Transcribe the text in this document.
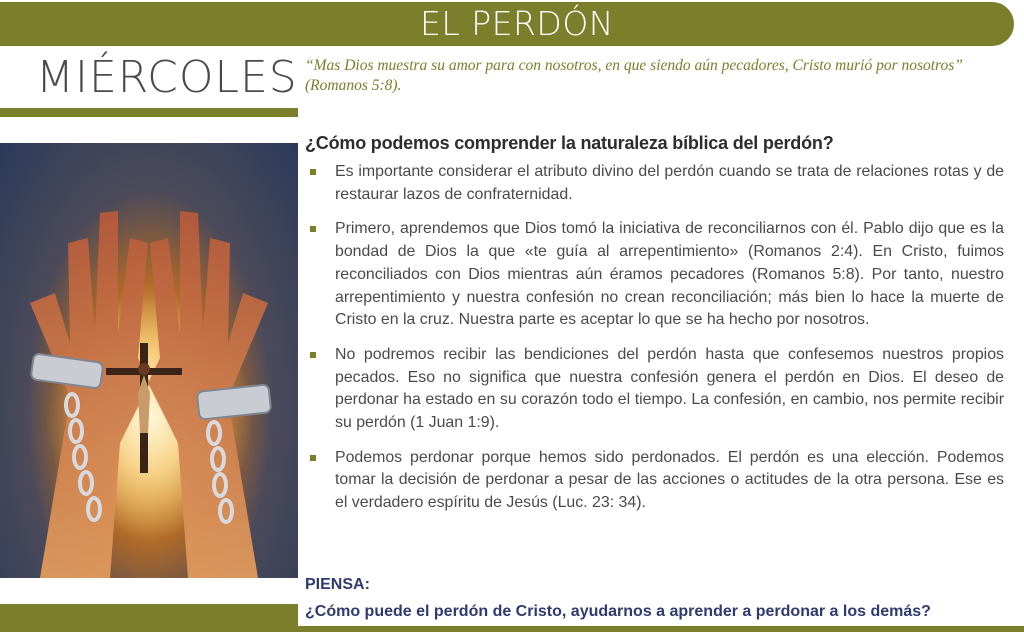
EL PERDÓN
MIÉRCOLES “Mas Dios muestra su amor para con nosotros, en que siendo aún pecadores, Cristo murió por nosotros” (Romanos 5:8).
¿Cómo podemos comprender la naturaleza bíblica del perdón?
Es importante considerar el atributo divino del perdón cuando se trata de relaciones rotas y de restaurar lazos de confraternidad.
Primero, aprendemos que Dios tomó la iniciativa de reconciliarnos con él. Pablo dijo que es la bondad de Dios la que «te guía al arrepentimiento» (Romanos 2:4). En Cristo, fuimos reconciliados con Dios mientras aún éramos pecadores (Romanos 5:8). Por tanto, nuestro arrepentimiento y nuestra confesión no crean reconciliación; más bien lo hace la muerte de Cristo en la cruz. Nuestra parte es aceptar lo que se ha hecho por nosotros.
No podremos recibir las bendiciones del perdón hasta que confesemos nuestros propios pecados. Eso no significa que nuestra confesión genera el perdón en Dios. El deseo de perdonar ha estado en su corazón todo el tiempo. La confesión, en cambio, nos permite recibir su perdón (1 Juan 1:9).
Podemos perdonar porque hemos sido perdonados. El perdón es una elección. Podemos tomar la decisión de perdonar a pesar de las acciones o actitudes de la otra persona. Ese es el verdadero espíritu de Jesús (Luc. 23: 34).
PIENSA:
¿Cómo puede el perdón de Cristo, ayudarnos a aprender a perdonar a los demás?
